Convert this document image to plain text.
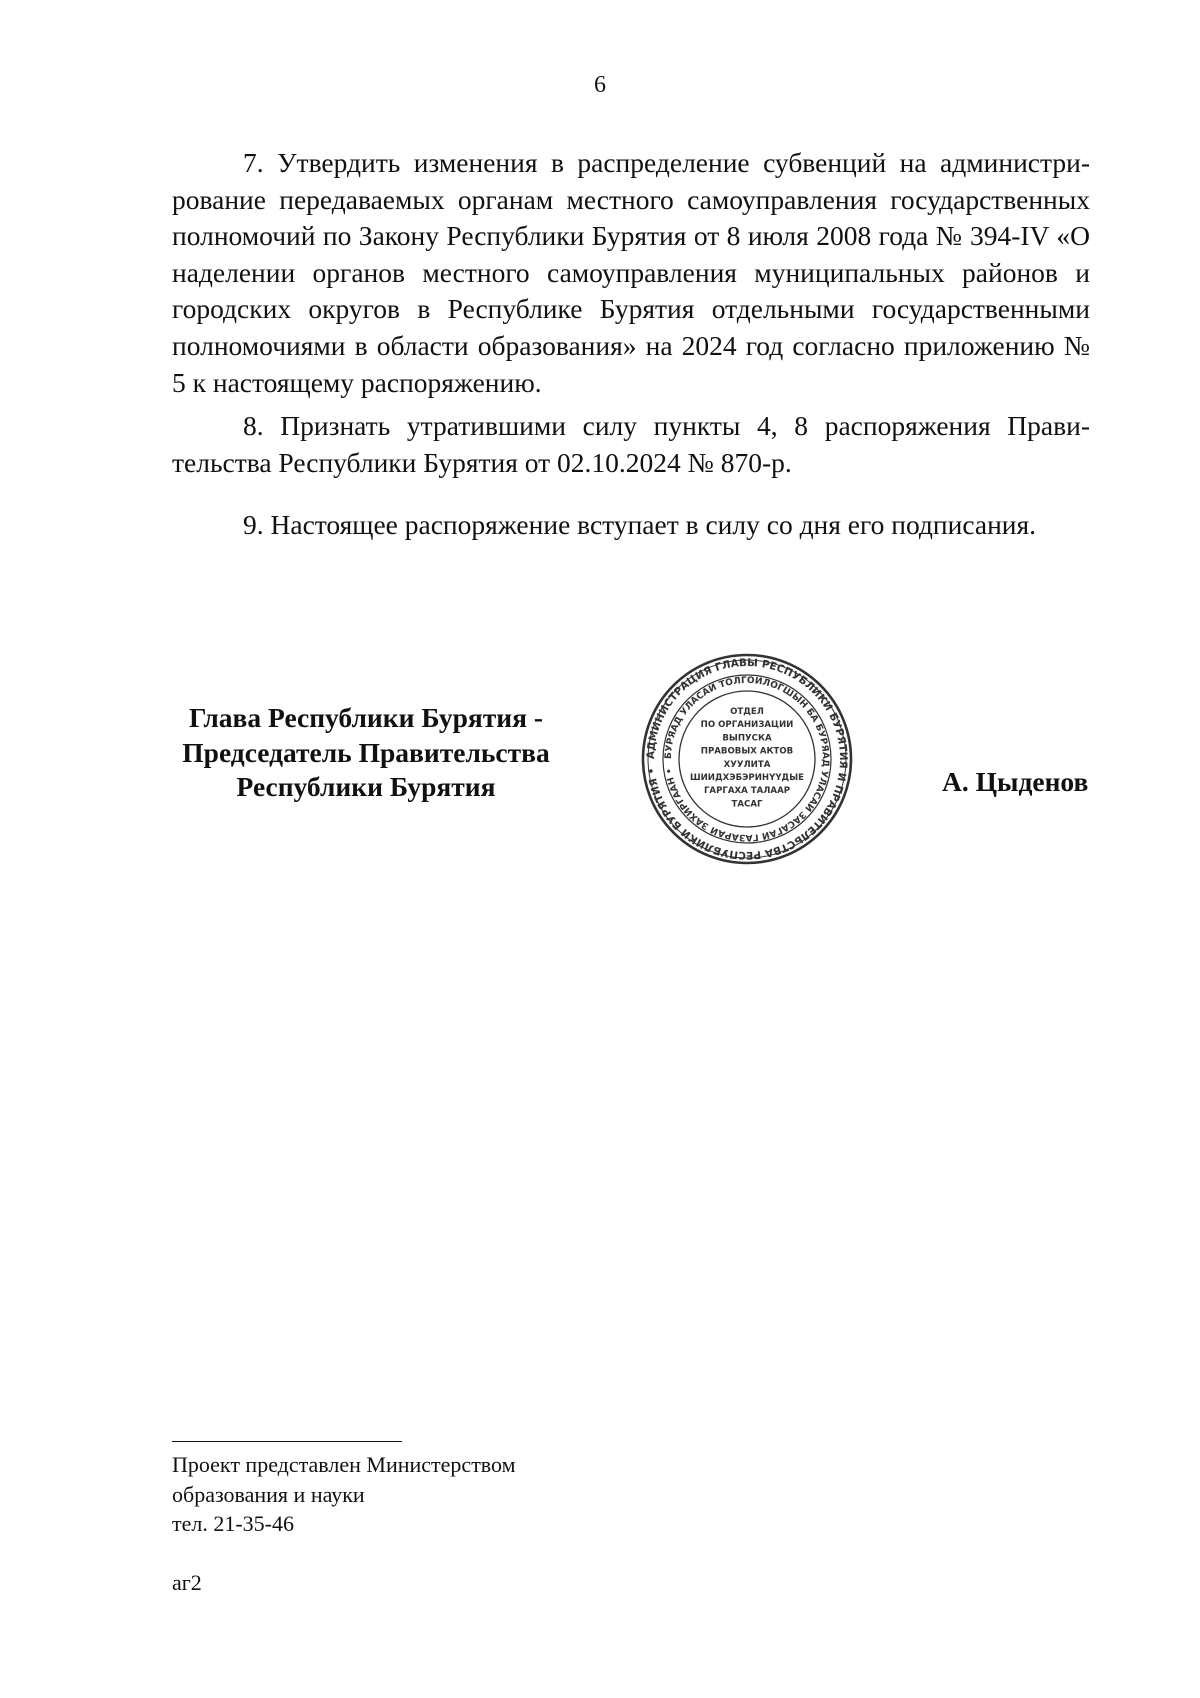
6

7. Утвердить изменения в распределение субвенций на администрирование передаваемых органам местного самоуправления государственных полномочий по Закону Республики Бурятия от 8 июля 2008 года № 394-IV «О наделении органов местного самоуправления муниципальных районов и городских округов в Республике Бурятия отдельными государственными полномочиями в области образования» на 2024 год согласно приложению № 5 к настоящему распоряжению.

8. Признать утратившими силу пункты 4, 8 распоряжения Правительства Республики Бурятия от 02.10.2024 № 870-р.

9. Настоящее распоряжение вступает в силу со дня его подписания.

Глава Республики Бурятия -
Председатель Правительства
Республики Бурятия
АДМИНИСТРАЦИЯ ГЛАВЫ РЕСПУБЛИКИ БУРЯТИЯ И ПРАВИТЕЛЬСТВА РЕСПУБЛИКИ БУРЯТИЯ •
БУРЯАД УЛАСАЙ ТОЛГОЙЛОГШЫН БА БУРЯАД УЛАСАЙ ЗАСАГАЙ ГАЗАРАЙ ЗАХИРГААН •
ОТДЕЛ
ПО ОРГАНИЗАЦИИ
ВЫПУСКА
ПРАВОВЫХ АКТОВ
ХУУЛИТА
ШИИДХЭБЭРИНҮҮДЫЕ
ГАРГАХА ТАЛААР
ТАСАГ
А. Цыденов
Проект представлен Министерством
образования и науки
тел. 21-35-46
аг2
